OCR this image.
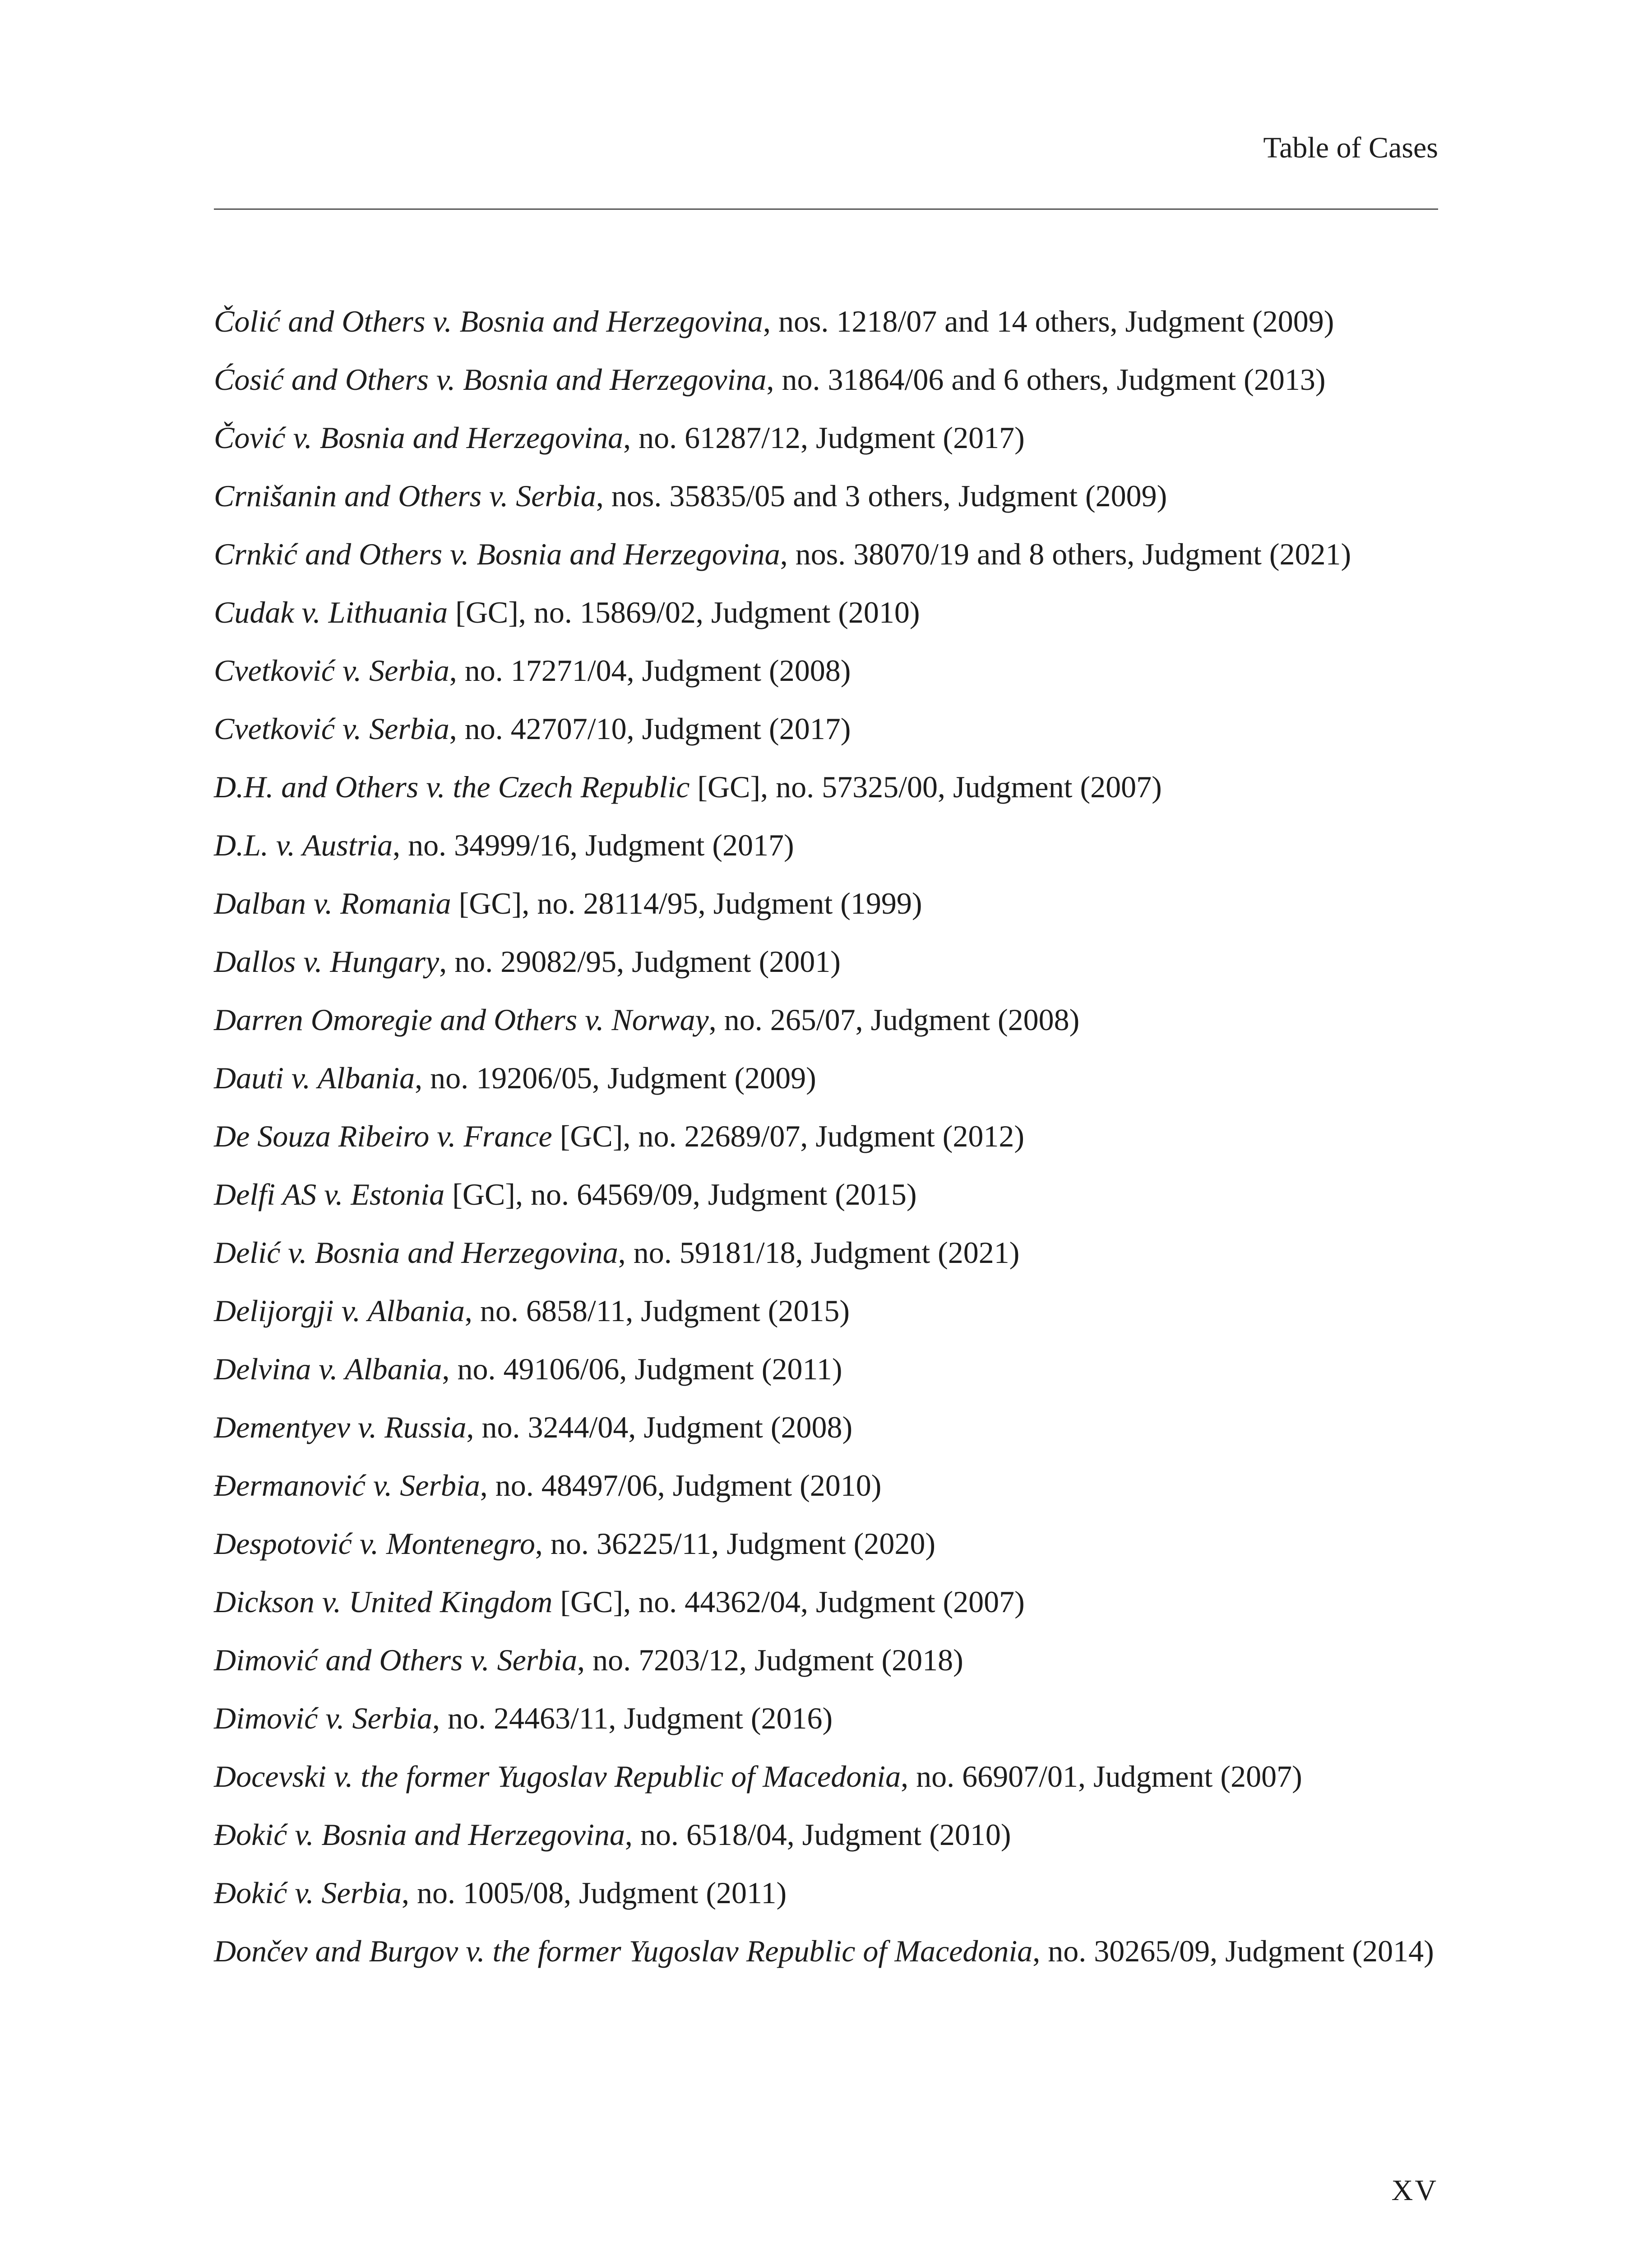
Table of Cases
Čolić and Others v. Bosnia and Herzegovina, nos. 1218/07 and 14 others, Judgment (2009)
Ćosić and Others v. Bosnia and Herzegovina, no. 31864/06 and 6 others, Judgment (2013)
Čović v. Bosnia and Herzegovina, no. 61287/12, Judgment (2017)
Crnišanin and Others v. Serbia, nos. 35835/05 and 3 others, Judgment (2009)
Crnkić and Others v. Bosnia and Herzegovina, nos. 38070/19 and 8 others, Judgment (2021)
Cudak v. Lithuania [GC], no. 15869/02, Judgment (2010)
Cvetković v. Serbia, no. 17271/04, Judgment (2008)
Cvetković v. Serbia, no. 42707/10, Judgment (2017)
D.H. and Others v. the Czech Republic [GC], no. 57325/00, Judgment (2007)
D.L. v. Austria, no. 34999/16, Judgment (2017)
Dalban v. Romania [GC], no. 28114/95, Judgment (1999)
Dallos v. Hungary, no. 29082/95, Judgment (2001)
Darren Omoregie and Others v. Norway, no. 265/07, Judgment (2008)
Dauti v. Albania, no. 19206/05, Judgment (2009)
De Souza Ribeiro v. France [GC], no. 22689/07, Judgment (2012)
Delfi AS v. Estonia [GC], no. 64569/09, Judgment (2015)
Delić v. Bosnia and Herzegovina, no. 59181/18, Judgment (2021)
Delijorgji v. Albania, no. 6858/11, Judgment (2015)
Delvina v. Albania, no. 49106/06, Judgment (2011)
Dementyev v. Russia, no. 3244/04, Judgment (2008)
Đermanović v. Serbia, no. 48497/06, Judgment (2010)
Despotović v. Montenegro, no. 36225/11, Judgment (2020)
Dickson v. United Kingdom [GC], no. 44362/04, Judgment (2007)
Dimović and Others v. Serbia, no. 7203/12, Judgment (2018)
Dimović v. Serbia, no. 24463/11, Judgment (2016)
Docevski v. the former Yugoslav Republic of Macedonia, no. 66907/01, Judgment (2007)
Đokić v. Bosnia and Herzegovina, no. 6518/04, Judgment (2010)
Đokić v. Serbia, no. 1005/08, Judgment (2011)
Dončev and Burgov v. the former Yugoslav Republic of Macedonia, no. 30265/09, Judgment (2014)
XV
